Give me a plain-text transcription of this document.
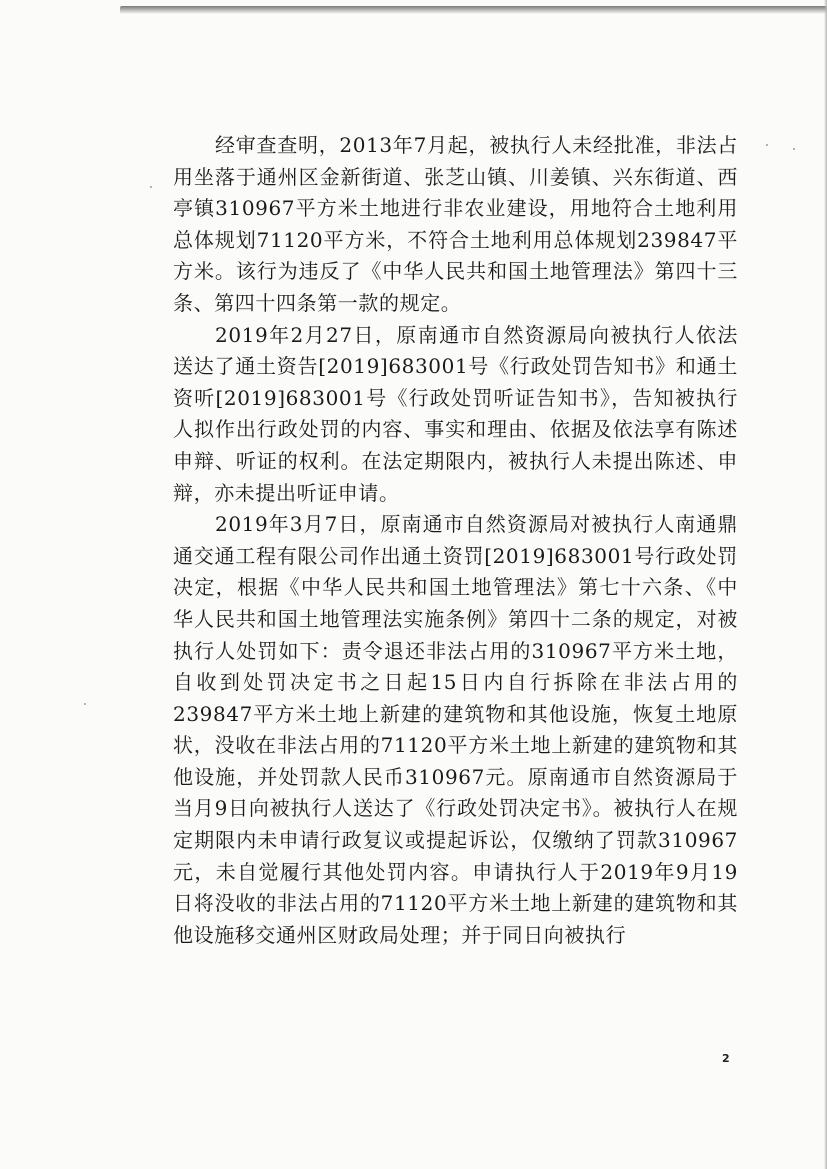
经审查查明，2013年7月起，被执行人未经批准，非法占用坐落于通州区金新街道、张芝山镇、川姜镇、兴东街道、西亭镇310967平方米土地进行非农业建设，用地符合土地利用总体规划71120平方米，不符合土地利用总体规划239847平方米。该行为违反了《中华人民共和国土地管理法》第四十三条、第四十四条第一款的规定。

2019年2月27日，原南通市自然资源局向被执行人依法送达了通土资告[2019]683001号《行政处罚告知书》和通土资听[2019]683001号《行政处罚听证告知书》，告知被执行人拟作出行政处罚的内容、事实和理由、依据及依法享有陈述申辩、听证的权利。在法定期限内，被执行人未提出陈述、申辩，亦未提出听证申请。

2019年3月7日，原南通市自然资源局对被执行人南通鼎通交通工程有限公司作出通土资罚[2019]683001号行政处罚决定，根据《中华人民共和国土地管理法》第七十六条、《中华人民共和国土地管理法实施条例》第四十二条的规定，对被执行人处罚如下：责令退还非法占用的310967平方米土地，自收到处罚决定书之日起15日内自行拆除在非法占用的239847平方米土地上新建的建筑物和其他设施，恢复土地原状，没收在非法占用的71120平方米土地上新建的建筑物和其他设施，并处罚款人民币310967元。原南通市自然资源局于当月9日向被执行人送达了《行政处罚决定书》。被执行人在规定期限内未申请行政复议或提起诉讼，仅缴纳了罚款310967元，未自觉履行其他处罚内容。申请执行人于2019年9月19日将没收的非法占用的71120平方米土地上新建的建筑物和其他设施移交通州区财政局处理；并于同日向被执行

2
